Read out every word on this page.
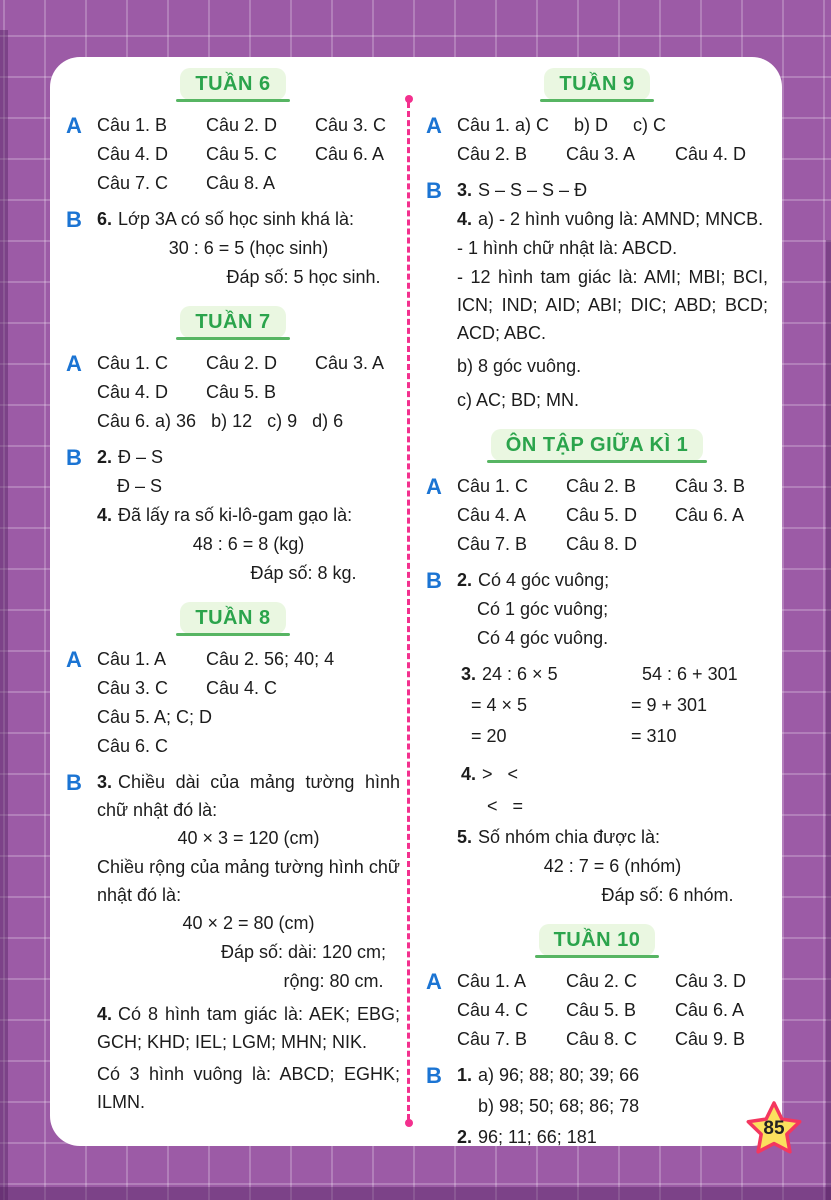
TUẦN 6
A Câu 1. B	Câu 2. D	Câu 3. C
Câu 4. D	Câu 5. C	Câu 6. A
Câu 7. C	Câu 8. A
B 6. Lớp 3A có số học sinh khá là:
30 : 6 = 5 (học sinh)
Đáp số: 5 học sinh.
TUẦN 7
A Câu 1. C	Câu 2. D	Câu 3. A
Câu 4. D	Câu 5. B
Câu 6. a) 36   b) 12   c) 9   d) 6
B 2. Đ – S
Đ – S
4. Đã lấy ra số ki-lô-gam gạo là:
48 : 6 = 8 (kg)
Đáp số: 8 kg.
TUẦN 8
A Câu 1. A	Câu 2. 56; 40; 4
Câu 3. C	Câu 4. C
Câu 5. A; C; D
Câu 6. C
B 3. Chiều dài của mảng tường hình chữ nhật đó là:
40 × 3 = 120 (cm)
Chiều rộng của mảng tường hình chữ nhật đó là:
40 × 2 = 80 (cm)
Đáp số: dài: 120 cm;
rộng: 80 cm.
4. Có 8 hình tam giác là: AEK; EBG; GCH; KHD; IEL; LGM; MHN; NIK.
Có 3 hình vuông là: ABCD; EGHK; ILMN.
TUẦN 9
A Câu 1. a) C     b) D     c) C
Câu 2. B	Câu 3. A	Câu 4. D
B 3. S – S – S – Đ
4. a) - 2 hình vuông là: AMND; MNCB.
- 1 hình chữ nhật là: ABCD.
- 12 hình tam giác là: AMI; MBI; BCI, ICN; IND; AID; ABI; DIC; ABD; BCD; ACD; ABC.
b) 8 góc vuông.
c) AC; BD; MN.
ÔN TẬP GIỮA KÌ 1
A Câu 1. C	Câu 2. B	Câu 3. B
Câu 4. A	Câu 5. D	Câu 6. A
Câu 7. B	Câu 8. D
B 2. Có 4 góc vuông;
Có 1 góc vuông;
Có 4 góc vuông.
3. 24 : 6 × 5	54 : 6 + 301
= 4 × 5	= 9 + 301
= 20	= 310
4. >   <
<   =
5. Số nhóm chia được là:
42 : 7 = 6 (nhóm)
Đáp số: 6 nhóm.
TUẦN 10
A Câu 1. A	Câu 2. C	Câu 3. D
Câu 4. C	Câu 5. B	Câu 6. A
Câu 7. B	Câu 8. C	Câu 9. B
B 1. a) 96; 88; 80; 39; 66
b) 98; 50; 68; 86; 78
2. 96; 11; 66; 181	85
